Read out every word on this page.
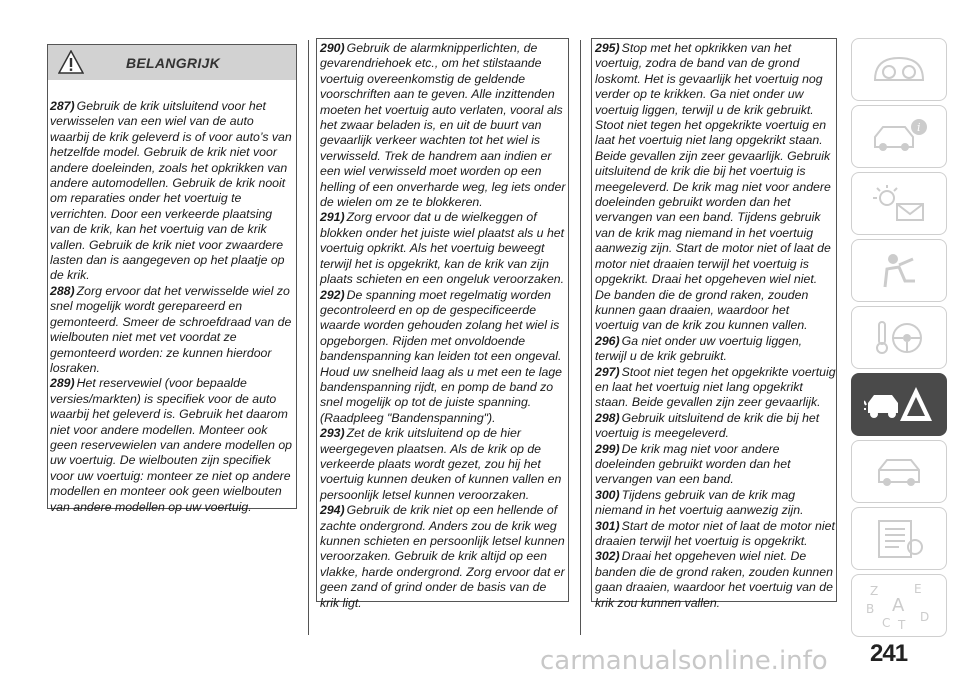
BELANGRIJK

287) Gebruik de krik uitsluitend voor het verwisselen van een wiel van de auto waarbij de krik geleverd is of voor auto’s van hetzelfde model. Gebruik de krik niet voor andere doeleinden, zoals het opkrikken van andere automodellen. Gebruik de krik nooit om reparaties onder het voertuig te verrichten. Door een verkeerde plaatsing van de krik, kan het voertuig van de krik vallen. Gebruik de krik niet voor zwaardere lasten dan is aangegeven op het plaatje op de krik.

288) Zorg ervoor dat het verwisselde wiel zo snel mogelijk wordt gerepareerd en gemonteerd. Smeer de schroefdraad van de wielbouten niet met vet voordat ze gemonteerd worden: ze kunnen hierdoor losraken.

289) Het reservewiel (voor bepaalde versies/markten) is specifiek voor de auto waarbij het geleverd is. Gebruik het daarom niet voor andere modellen. Monteer ook geen reservewielen van andere modellen op uw voertuig. De wielbouten zijn specifiek voor uw voertuig: monteer ze niet op andere modellen en monteer ook geen wielbouten van andere modellen op uw voertuig.

290) Gebruik de alarmknipperlichten, de gevarendriehoek etc., om het stilstaande voertuig overeenkomstig de geldende voorschriften aan te geven. Alle inzittenden moeten het voertuig auto verlaten, vooral als het zwaar beladen is, en uit de buurt van gevaarlijk verkeer wachten tot het wiel is verwisseld. Trek de handrem aan indien er een wiel verwisseld moet worden op een helling of een onverharde weg, leg iets onder de wielen om ze te blokkeren.

291) Zorg ervoor dat u de wielkeggen of blokken onder het juiste wiel plaatst als u het voertuig opkrikt. Als het voertuig beweegt terwijl het is opgekrikt, kan de krik van zijn plaats schieten en een ongeluk veroorzaken.

292) De spanning moet regelmatig worden gecontroleerd en op de gespecificeerde waarde worden gehouden zolang het wiel is opgeborgen. Rijden met onvoldoende bandenspanning kan leiden tot een ongeval. Houd uw snelheid laag als u met een te lage bandenspanning rijdt, en pomp de band zo snel mogelijk op tot de juiste spanning. (Raadpleeg "Bandenspanning").

293) Zet de krik uitsluitend op de hier weergegeven plaatsen. Als de krik op de verkeerde plaats wordt gezet, zou hij het voertuig kunnen deuken of kunnen vallen en persoonlijk letsel kunnen veroorzaken.

294) Gebruik de krik niet op een hellende of zachte ondergrond. Anders zou de krik weg kunnen schieten en persoonlijk letsel kunnen veroorzaken. Gebruik de krik altijd op een vlakke, harde ondergrond. Zorg ervoor dat er geen zand of grind onder de basis van de krik ligt.

295) Stop met het opkrikken van het voertuig, zodra de band van de grond loskomt. Het is gevaarlijk het voertuig nog verder op te krikken. Ga niet onder uw voertuig liggen, terwijl u de krik gebruikt. Stoot niet tegen het opgekrikte voertuig en laat het voertuig niet lang opgekrikt staan. Beide gevallen zijn zeer gevaarlijk. Gebruik uitsluitend de krik die bij het voertuig is meegeleverd. De krik mag niet voor andere doeleinden gebruikt worden dan het vervangen van een band. Tijdens gebruik van de krik mag niemand in het voertuig aanwezig zijn. Start de motor niet of laat de motor niet draaien terwijl het voertuig is opgekrikt. Draai het opgeheven wiel niet. De banden die de grond raken, zouden kunnen gaan draaien, waardoor het voertuig van de krik zou kunnen vallen.

296) Ga niet onder uw voertuig liggen, terwijl u de krik gebruikt.

297) Stoot niet tegen het opgekrikte voertuig en laat het voertuig niet lang opgekrikt staan. Beide gevallen zijn zeer gevaarlijk.

298) Gebruik uitsluitend de krik die bij het voertuig is meegeleverd.

299) De krik mag niet voor andere doeleinden gebruikt worden dan het vervangen van een band.

300) Tijdens gebruik van de krik mag niemand in het voertuig aanwezig zijn.

301) Start de motor niet of laat de motor niet draaien terwijl het voertuig is opgekrikt.

302) Draai het opgeheven wiel niet. De banden die de grond raken, zouden kunnen gaan draaien, waardoor het voertuig van de krik zou kunnen vallen.

i
Z	E
B A
C T
D
carmanualsonline.info 241
